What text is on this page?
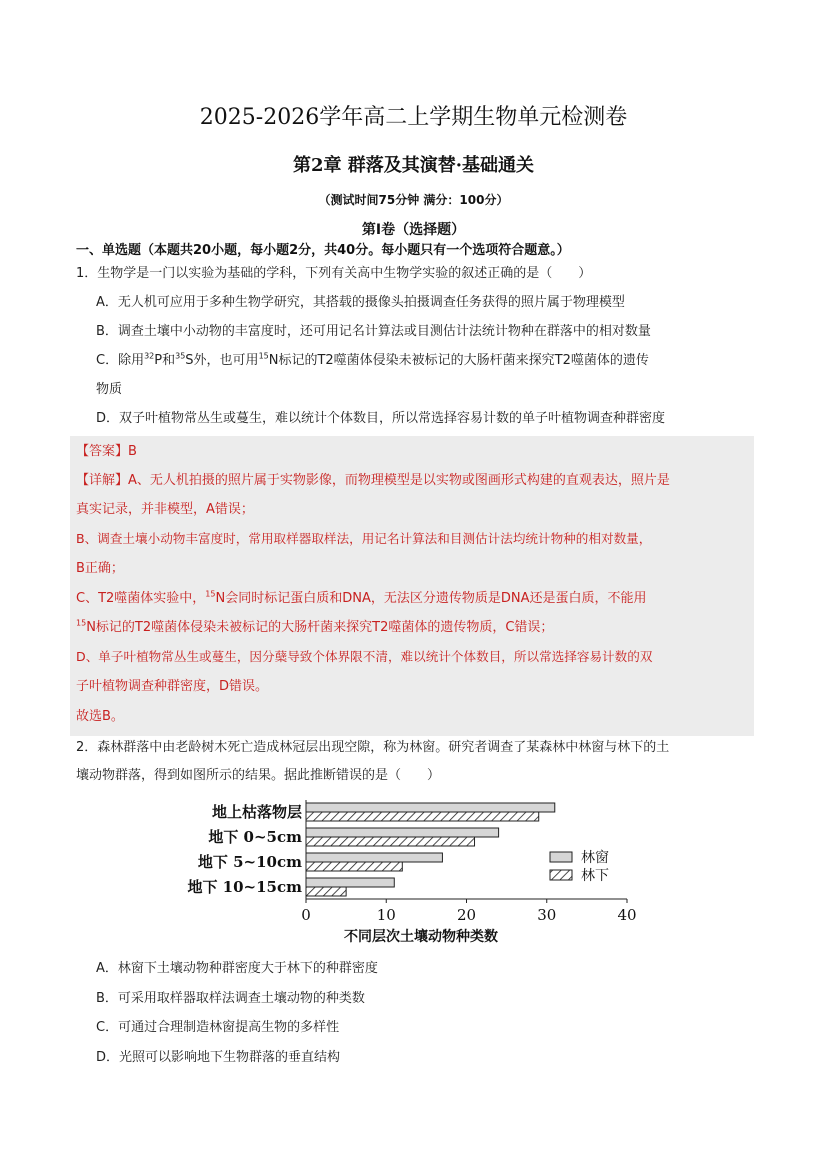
2025-2026学年高二上学期生物单元检测卷
第2章 群落及其演替·基础通关
（测试时间75分钟 满分：100分）
第Ⅰ卷（选择题）
一、单选题（本题共20小题，每小题2分，共40分。每小题只有一个选项符合题意。）
1．生物学是一门以实验为基础的学科，下列有关高中生物学实验的叙述正确的是（　　）
A．无人机可应用于多种生物学研究，其搭载的摄像头拍摄调查任务获得的照片属于物理模型
B．调查土壤中小动物的丰富度时，还可用记名计算法或目测估计法统计物种在群落中的相对数量
C．除用$^{32}$P和$^{35}$S外，也可用$^{15}$N标记的T2噬菌体侵染未被标记的大肠杆菌来探究T2噬菌体的遗传
物质
D．双子叶植物常丛生或蔓生，难以统计个体数目，所以常选择容易计数的单子叶植物调查种群密度
【答案】B
【详解】A、无人机拍摄的照片属于实物影像，而物理模型是以实物或图画形式构建的直观表达，照片是
真实记录，并非模型，A错误；
B、调查土壤小动物丰富度时，常用取样器取样法，用记名计算法和目测估计法均统计物种的相对数量，
B正确；
C、T2噬菌体实验中，$^{15}$N会同时标记蛋白质和DNA，无法区分遗传物质是DNA还是蛋白质，不能用
$^{15}$N标记的T2噬菌体侵染未被标记的大肠杆菌来探究T2噬菌体的遗传物质，C错误；
D、单子叶植物常丛生或蔓生，因分蘖导致个体界限不清，难以统计个体数目，所以常选择容易计数的双
子叶植物调查种群密度，D错误。
故选B。
2．森林群落中由老龄树木死亡造成林冠层出现空隙，称为林窗。研究者调查了某森林中林窗与林下的土
壤动物群落，得到如图所示的结果。据此推断错误的是（　　）
地上枯落物层
地下 0~5cm
地下 5~10cm
地下 10~15cm
0	10	20	30	40
林窗
林下
不同层次土壤动物种类数
A．林窗下土壤动物种群密度大于林下的种群密度
B．可采用取样器取样法调查土壤动物的种类数
C．可通过合理制造林窗提高生物的多样性
D．光照可以影响地下生物群落的垂直结构
